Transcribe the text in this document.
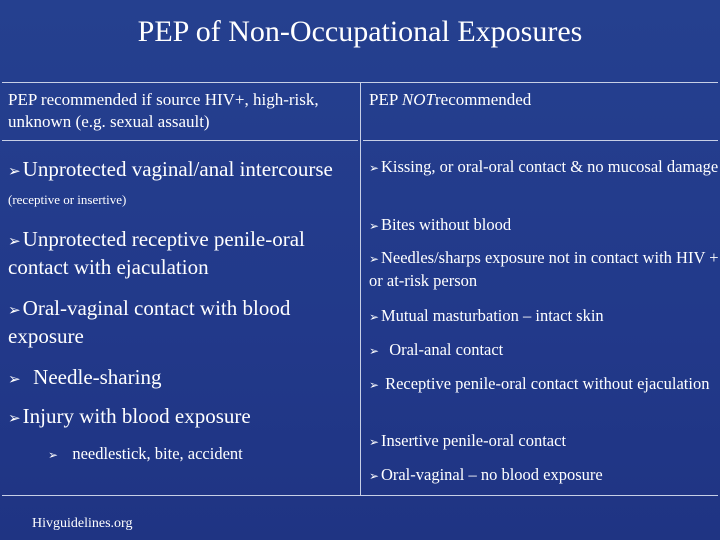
PEP of Non-Occupational Exposures
PEP recommended if source HIV+, high-risk, unknown (e.g. sexual assault)
PEP NOTrecommended
➢Unprotected vaginal/anal intercourse (receptive or insertive)
➢Unprotected receptive penile-oral contact with ejaculation
➢Oral-vaginal contact with blood exposure
➢ Needle-sharing
➢Injury with blood exposure
➢ needlestick, bite, accident
➢ Kissing, or oral-oral contact & no mucosal damage
➢ Bites without blood
➢ Needles/sharps exposure not in contact with HIV + or at-risk person
➢ Mutual masturbation – intact skin
➢ Oral-anal contact
➢ Receptive penile-oral contact without ejaculation
➢ Insertive penile-oral contact
➢ Oral-vaginal – no blood exposure
Hivguidelines.org
